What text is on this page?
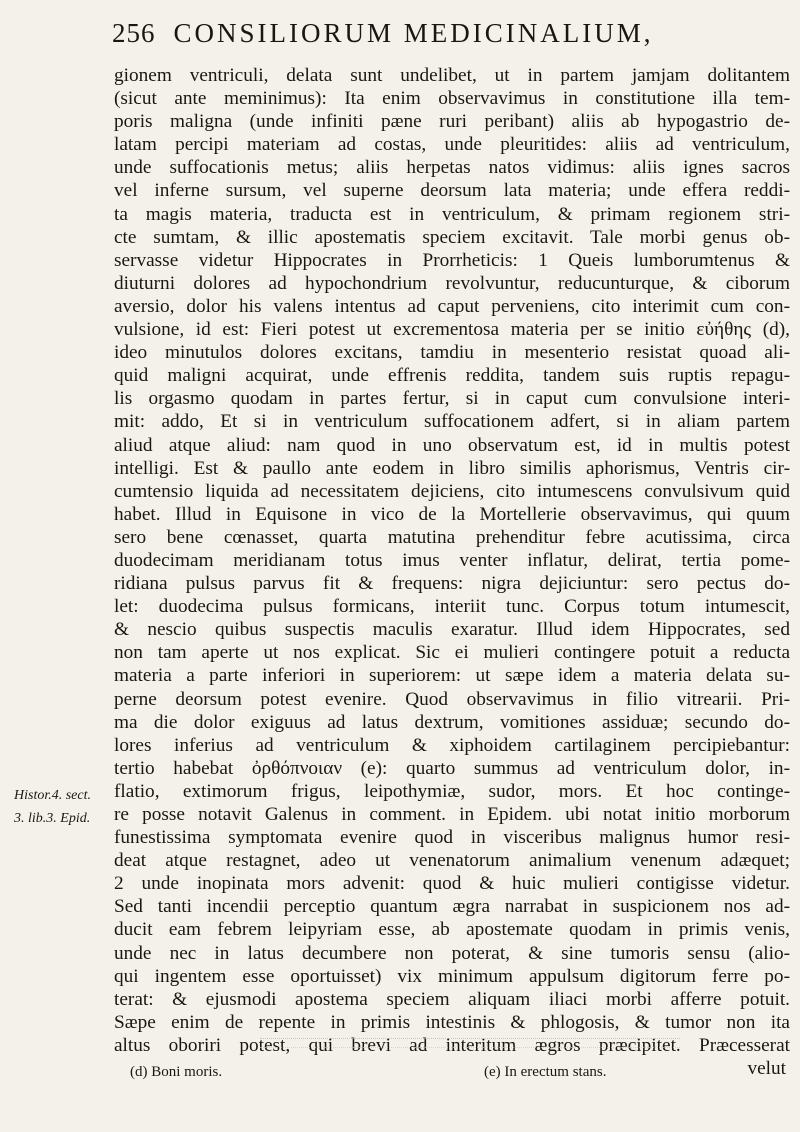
256 CONSILIORUM MEDICINALIUM,
gionem ventriculi, delata sunt undelibet, ut in partem jamjam dolitantem
(sicut ante meminimus): Ita enim observavimus in constitutione illa tem-
poris maligna (unde infiniti pæne ruri peribant) aliis ab hypogastrio de-
latam percipi materiam ad costas, unde pleuritides: aliis ad ventriculum,
unde suffocationis metus; aliis herpetas natos vidimus: aliis ignes sacros
vel inferne sursum, vel superne deorsum lata materia; unde effera reddi-
ta magis materia, traducta est in ventriculum, & primam regionem stri-
cte sumtam, & illic apostematis speciem excitavit. Tale morbi genus ob-
servasse videtur Hippocrates in Prorrheticis: 1 Queis lumborumtenus &
diuturni dolores ad hypochondrium revolvuntur, reducunturque, & ciborum
aversio, dolor his valens intentus ad caput perveniens, cito interimit cum con-
vulsione, id est: Fieri potest ut excrementosa materia per se initio εὐήθης (d),
ideo minutulos dolores excitans, tamdiu in mesenterio resistat quoad ali-
quid maligni acquirat, unde effrenis reddita, tandem suis ruptis repagu-
lis orgasmo quodam in partes fertur, si in caput cum convulsione interi-
mit: addo, Et si in ventriculum suffocationem adfert, si in aliam partem
aliud atque aliud: nam quod in uno observatum est, id in multis potest
intelligi. Est & paullo ante eodem in libro similis aphorismus, Ventris cir-
cumtensio liquida ad necessitatem dejiciens, cito intumescens convulsivum quid
habet. Illud in Equisone in vico de la Mortellerie observavimus, qui quum
sero bene cœnasset, quarta matutina prehenditur febre acutissima, circa
duodecimam meridianam totus imus venter inflatur, delirat, tertia pome-
ridiana pulsus parvus fit & frequens: nigra dejiciuntur: sero pectus do-
let: duodecima pulsus formicans, interiit tunc. Corpus totum intumescit,
& nescio quibus suspectis maculis exaratur. Illud idem Hippocrates, sed
non tam aperte ut nos explicat. Sic ei mulieri contingere potuit a reducta
materia a parte inferiori in superiorem: ut sæpe idem a materia delata su-
perne deorsum potest evenire. Quod observavimus in filio vitrearii. Pri-
ma die dolor exiguus ad latus dextrum, vomitiones assiduæ; secundo do-
lores inferius ad ventriculum & xiphoidem cartilaginem percipiebantur:
tertio habebat ὀρθόπνοιαν (e): quarto summus ad ventriculum dolor, in-
flatio, extimorum frigus, leipothymiæ, sudor, mors. Et hoc continge-
re posse notavit Galenus in comment. in Epidem. ubi notat initio morborum
funestissima symptomata evenire quod in visceribus malignus humor resi-
deat atque restagnet, adeo ut venenatorum animalium venenum adæquet;
2 unde inopinata mors advenit: quod & huic mulieri contigisse videtur.
Sed tanti incendii perceptio quantum ægra narrabat in suspicionem nos ad-
ducit eam febrem leipyriam esse, ab apostemate quodam in primis venis,
unde nec in latus decumbere non poterat, & sine tumoris sensu (alio-
qui ingentem esse oportuisset) vix minimum appulsum digitorum ferre po-
terat: & ejusmodi apostema speciem aliquam iliaci morbi afferre potuit.
Sæpe enim de repente in primis intestinis & phlogosis, & tumor non ita
altus oboriri potest, qui brevi ad interitum ægros præcipitet. Præcesserat
velut
Histor.4. sect.
3. lib.3. Epid.
(d) Boni moris.	(e) In erectum stans.
